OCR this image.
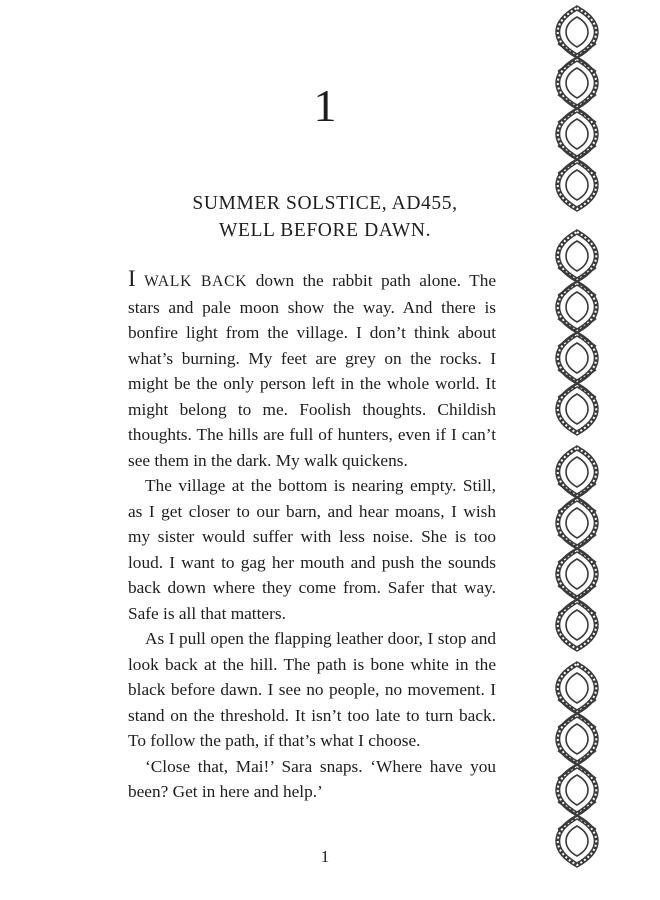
1
SUMMER SOLSTICE, AD455,
WELL BEFORE DAWN.

I WALK BACK down the rabbit path alone. The stars and pale moon show the way. And there is bonfire light from the village. I don’t think about what’s burning. My feet are grey on the rocks. I might be the only person left in the whole world. It might belong to me. Foolish thoughts. Childish thoughts. The hills are full of hunters, even if I can’t see them in the dark. My walk quickens.

The village at the bottom is nearing empty. Still, as I get closer to our barn, and hear moans, I wish my sister would suffer with less noise. She is too loud. I want to gag her mouth and push the sounds back down where they come from. Safer that way. Safe is all that matters.

As I pull open the flapping leather door, I stop and look back at the hill. The path is bone white in the black before dawn. I see no people, no movement. I stand on the threshold. It isn’t too late to turn back. To follow the path, if that’s what I choose.

‘Close that, Mai!’ Sara snaps. ‘Where have you been? Get in here and help.’

1
